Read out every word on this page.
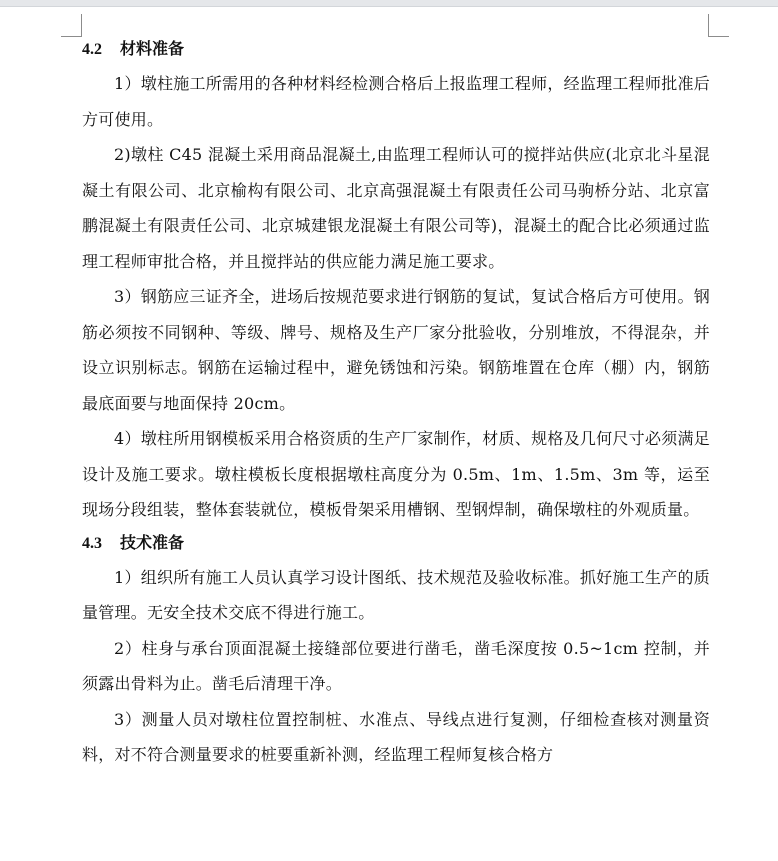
4.2 材料准备

1）墩柱施工所需用的各种材料经检测合格后上报监理工程师，经监理工程师批准后方可使用。

2)墩柱 C45 混凝土采用商品混凝土,由监理工程师认可的搅拌站供应(北京北斗星混凝土有限公司、北京榆构有限公司、北京高强混凝土有限责任公司马驹桥分站、北京富鹏混凝土有限责任公司、北京城建银龙混凝土有限公司等)，混凝土的配合比必须通过监理工程师审批合格，并且搅拌站的供应能力满足施工要求。

3）钢筋应三证齐全，进场后按规范要求进行钢筋的复试，复试合格后方可使用。钢筋必须按不同钢种、等级、牌号、规格及生产厂家分批验收，分别堆放，不得混杂，并设立识别标志。钢筋在运输过程中，避免锈蚀和污染。钢筋堆置在仓库（棚）内，钢筋最底面要与地面保持 20cm。

4）墩柱所用钢模板采用合格资质的生产厂家制作，材质、规格及几何尺寸必须满足设计及施工要求。墩柱模板长度根据墩柱高度分为 0.5m、1m、1.5m、3m 等，运至现场分段组装，整体套装就位，模板骨架采用槽钢、型钢焊制，确保墩柱的外观质量。

4.3 技术准备

1）组织所有施工人员认真学习设计图纸、技术规范及验收标准。抓好施工生产的质量管理。无安全技术交底不得进行施工。

2）柱身与承台顶面混凝土接缝部位要进行凿毛，凿毛深度按 0.5~1cm 控制，并须露出骨料为止。凿毛后清理干净。

3）测量人员对墩柱位置控制桩、水准点、导线点进行复测，仔细检查核对测量资料，对不符合测量要求的桩要重新补测，经监理工程师复核合格方
